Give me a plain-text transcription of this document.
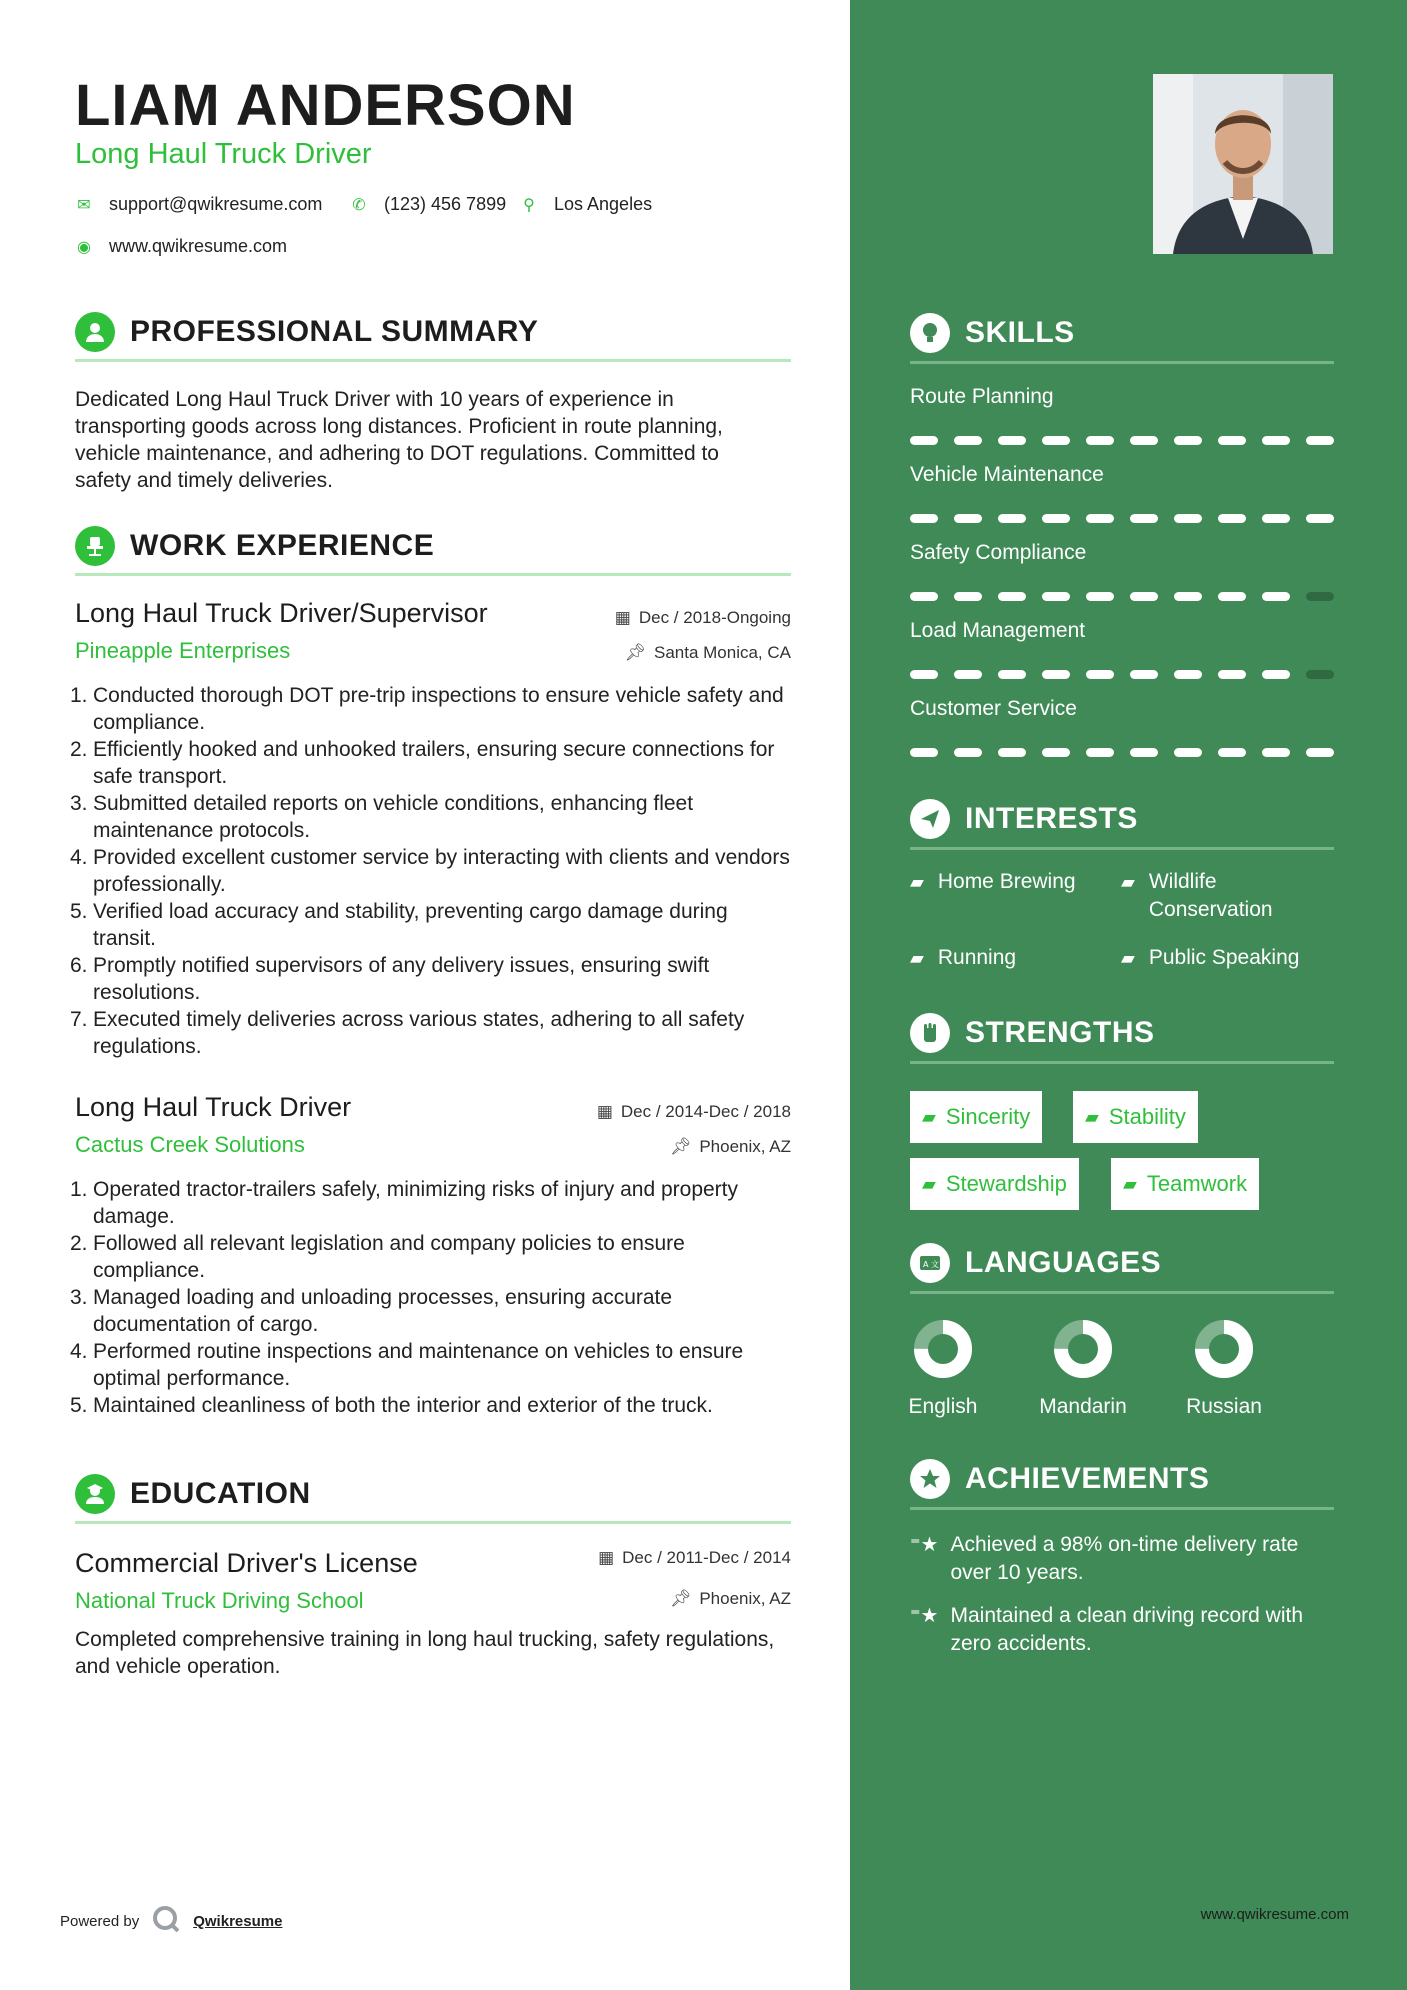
LIAM ANDERSON
Long Haul Truck Driver
✉ support@qwikresume.com ✆ (123) 456 7899 ⚲ Los Angeles
◉ www.qwikresume.com
PROFESSIONAL SUMMARY
Dedicated Long Haul Truck Driver with 10 years of experience in transporting goods across long distances. Proficient in route planning, vehicle maintenance, and adhering to DOT regulations. Committed to safety and timely deliveries.
WORK EXPERIENCE
Long Haul Truck Driver/Supervisor	▦ Dec / 2018-Ongoing
Pineapple Enterprises	📌︎ Santa Monica, CA
1. Conducted thorough DOT pre-trip inspections to ensure vehicle safety and compliance.
2. Efficiently hooked and unhooked trailers, ensuring secure connections for safe transport.
3. Submitted detailed reports on vehicle conditions, enhancing fleet maintenance protocols.
4. Provided excellent customer service by interacting with clients and vendors professionally.
5. Verified load accuracy and stability, preventing cargo damage during transit.
6. Promptly notified supervisors of any delivery issues, ensuring swift resolutions.
7. Executed timely deliveries across various states, adhering to all safety regulations.
Long Haul Truck Driver	▦ Dec / 2014-Dec / 2018
Cactus Creek Solutions	📌︎ Phoenix, AZ
1. Operated tractor-trailers safely, minimizing risks of injury and property damage.
2. Followed all relevant legislation and company policies to ensure compliance.
3. Managed loading and unloading processes, ensuring accurate documentation of cargo.
4. Performed routine inspections and maintenance on vehicles to ensure optimal performance.
5. Maintained cleanliness of both the interior and exterior of the truck.
EDUCATION
Commercial Driver's License	▦ Dec / 2011-Dec / 2014
National Truck Driving School	📌︎ Phoenix, AZ
Completed comprehensive training in long haul trucking, safety regulations, and vehicle operation.
Powered by	Qwikresume
SKILLS
Route Planning
Vehicle Maintenance
Safety Compliance
Load Management
Customer Service
INTERESTS
▰ Home Brewing	▰ Wildlife Conservation
▰ Running	▰ Public Speaking
STRENGTHS
▰ Sincerity	▰ Stability
▰ Stewardship	▰ Teamwork
A 文 LANGUAGES
English	Mandarin	Russian
ACHIEVEMENTS
⁼★ Achieved a 98% on-time delivery rate over 10 years.
⁼★ Maintained a clean driving record with zero accidents.
www.qwikresume.com
